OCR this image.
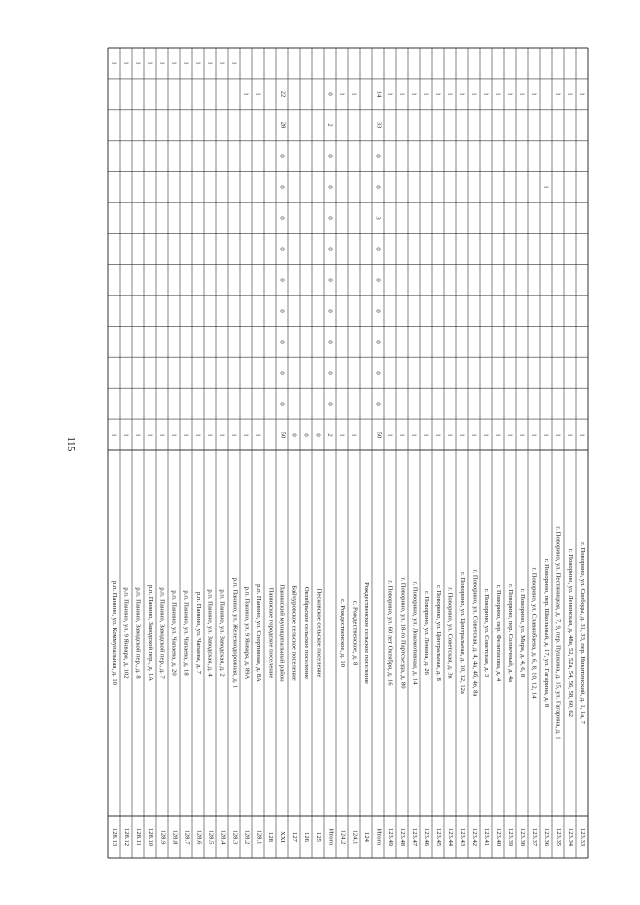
115
123.33
г. Поворино, ул. Свободы, д. 31, 33, пер. Никитинский, д. 1, 1а, 7
1
1
123.34
г. Поворино, ул. Ленинская, д. 48в, 52, 52а, 54, 56, 58, 60, 62
1
1
123.35
г. Поворино, ул. Пестяницкая, д. 7, 9, пер. Пушкина, д. 15, ул. Гагарина, д. 1
1
1
123.36
г. Поворино, пер. Школьный, д. 17, ул. Гагарина, д. 8
1
1
123.37
г. Поворино, ул. Славянбаева, д. 6, 8, 10, 12, 14
1
1
123.38
г. Поворино, ул. Мира, д. 4, 6, 8
1
1
123.39
г. Поворино, пер. Солнечный, д. 4а
1
1
123.40
г. Поворино, пер. Фелитисова, д. 4
1
1
123.41
г. Поворино, ул. Советская, д. 3
1
1
123.42
г. Поворино, ул. Советская, д. 4, 4а, 4б, 4в, 8а
1
1
123.43
г. Поворино, ул. Центральная, д. 10, 12, 12а
1
1
123.44
г. Поворино, ул. Советская, д. 3в
1
1
123.45
г. Поворино, ул. Центральная, д. 8
1
1
123.46
г. Поворино, ул. Ленина, д. 26
1
1
123.47
г. Поворино, ул. Локомотивная, д. 14
1
1
123.48
г. Поворино, ул. 18-го Партсъезда, д. 80
1
1
123.49
г. Поворино, ул. 60 лет Октября, д. 16
1
1
Итого
50
0
0
0
0
0
0
3
0
0
33
14
124
Рождественское сельское поселение
124.1
с. Рождественское, д. 8
1
1
124.2
с. Рождественское, д. 10
1
1
Итого
2
0
0
0
0
0
0
0
0
0
2
0
125
Песковское сельское поселение
0
126
Октябрьское сельское поселение
0
127
Байчуровское сельское поселение
0
XXI
Панинский муниципальный район
50
0
0
0
0
0
0
0
0
0
28
22
128
Панинское городское поселение
128.1
р.п. Панино, ул. Спортивная, д. 8А
1
1
128.2
р.п. Панино, ул. 9 Января, д. 89А
1
1
128.3
р.п. Панино, ул. Железнодорожная, д. 1
1
1
128.4
р.п. Панино, ул. Заводская, д. 2
1
1
128.5
р.п. Панино, ул. Заводская, д. 4
1
1
128.6
р.п. Панино, ул. Чапаева, д. 7
1
1
128.7
р.п. Панино, ул. Чапаева, д. 18
1
1
128.8
р.п. Панино, ул. Чапаева, д. 20
1
1
128.9
р.п. Панино, Заводской пер., д. 7
1
1
128.10
р.п. Панино, Заводской пер., д. 1А
1
1
128.11
р.п. Панино, Заводской пер., д. 8
1
1
128.12
р.п. Панино, ул. 9 Января, д. 102
1
1
128.13
р.п. Панино, ул. Коммунальная, д. 10
1
1
